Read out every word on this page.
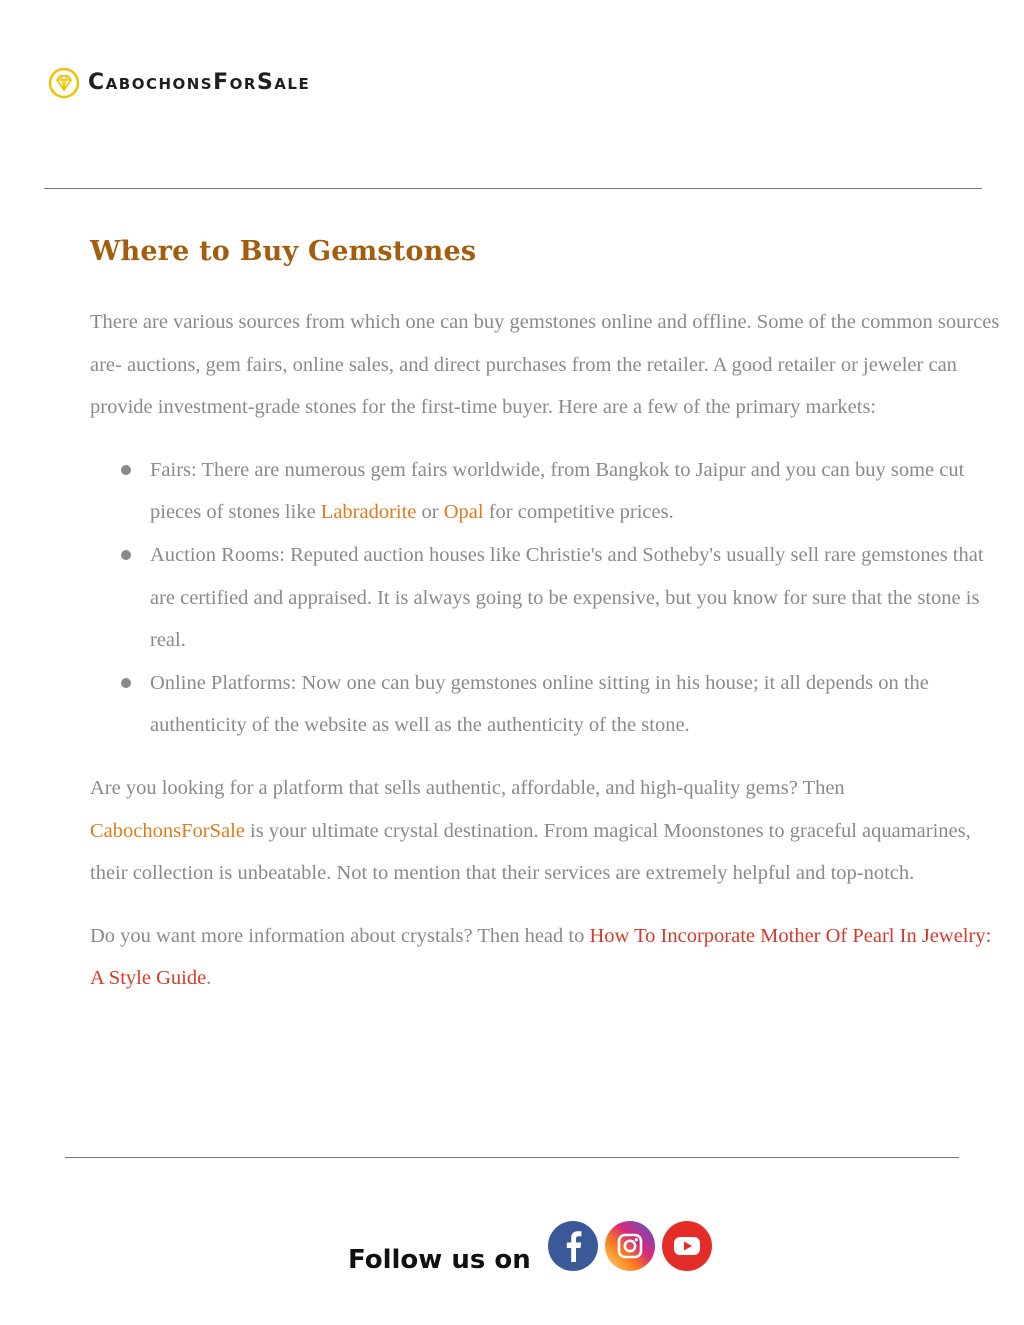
CabochonsForSale
Where to Buy Gemstones

There are various sources from which one can buy gemstones online and offline. Some of the common sources are- auctions, gem fairs, online sales, and direct purchases from the retailer. A good retailer or jeweler can provide investment-grade stones for the first-time buyer. Here are a few of the primary markets:

Fairs: There are numerous gem fairs worldwide, from Bangkok to Jaipur and you can buy some cut pieces of stones like Labradorite or Opal for competitive prices.
Auction Rooms: Reputed auction houses like Christie's and Sotheby's usually sell rare gemstones that are certified and appraised. It is always going to be expensive, but you know for sure that the stone is real.
Online Platforms: Now one can buy gemstones online sitting in his house; it all depends on the authenticity of the website as well as the authenticity of the stone.

Are you looking for a platform that sells authentic, affordable, and high-quality gems? Then CabochonsForSale is your ultimate crystal destination. From magical Moonstones to graceful aquamarines, their collection is unbeatable. Not to mention that their services are extremely helpful and top-notch.

Do you want more information about crystals? Then head to How To Incorporate Mother Of Pearl In Jewelry: A Style Guide.

Follow us on
